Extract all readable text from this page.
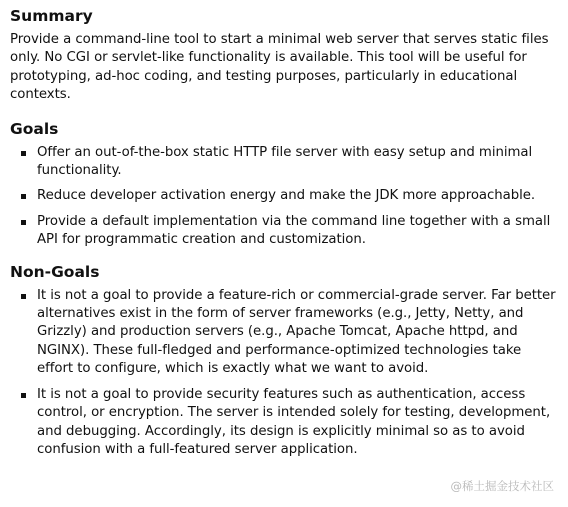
Summary

Provide a command-line tool to start a minimal web server that serves static files only. No CGI or servlet-like functionality is available. This tool will be useful for prototyping, ad-hoc coding, and testing purposes, particularly in educational contexts.

Goals
Offer an out-of-the-box static HTTP file server with easy setup and minimal functionality.
Reduce developer activation energy and make the JDK more approachable.
Provide a default implementation via the command line together with a small API for programmatic creation and customization.
Non-Goals
It is not a goal to provide a feature-rich or commercial-grade server. Far better alternatives exist in the form of server frameworks (e.g., Jetty, Netty, and Grizzly) and production servers (e.g., Apache Tomcat, Apache httpd, and NGINX). These full-fledged and performance-optimized technologies take effort to configure, which is exactly what we want to avoid.
It is not a goal to provide security features such as authentication, access control, or encryption. The server is intended solely for testing, development, and debugging. Accordingly, its design is explicitly minimal so as to avoid confusion with a full-featured server application.
@稀土掘金技术社区
